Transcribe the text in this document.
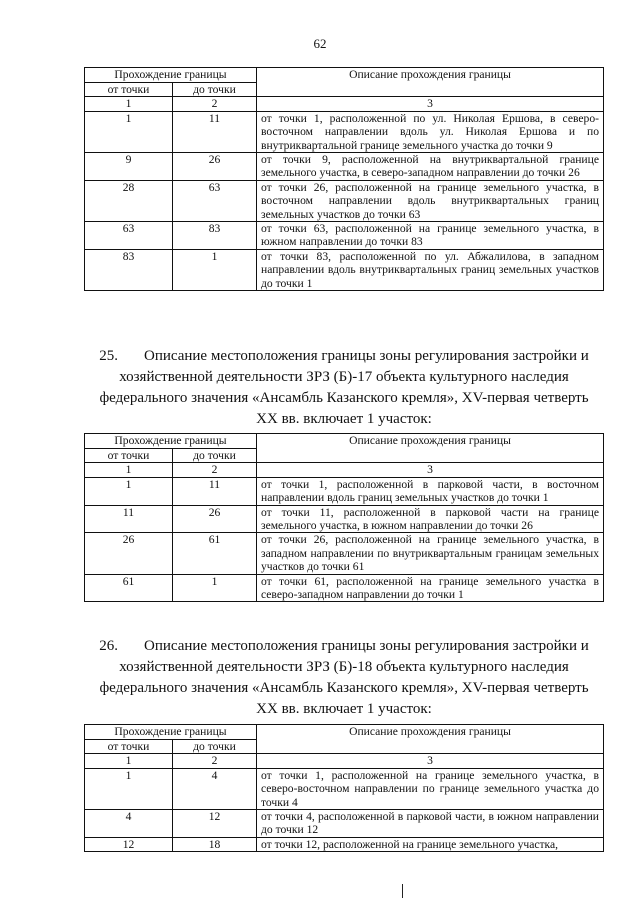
62
Прохождение границы		Описание прохождения границы
от точки	до точки	
1	2	3
1	11	от точки 1, расположенной по ул. Николая Ершова, в северо-восточном направлении вдоль ул. Николая Ершова и по внутриквартальной границе земельного участка до точки 9
9	26	от точки 9, расположенной на внутриквартальной границе земельного участка, в северо-западном направлении до точки 26
28	63	от точки 26, расположенной на границе земельного участка, в восточном направлении вдоль внутриквартальных границ земельных участков до точки 63
63	83	от точки 63, расположенной на границе земельного участка, в южном направлении до точки 83
83	1	от точки 83, расположенной по ул. Абжалилова, в западном направлении вдоль внутриквартальных границ земельных участков до точки 1
25. Описание местоположения границы зоны регулирования застройки и
хозяйственной деятельности ЗРЗ (Б)-17 объекта культурного наследия федерального значения «Ансамбль Казанского кремля», XV-первая четверть XX вв. включает 1 участок:
Прохождение границы		Описание прохождения границы
от точки	до точки	
1	2	3
1	11	от точки 1, расположенной в парковой части, в восточном направлении вдоль границ земельных участков до точки 1
11	26	от точки 11, расположенной в парковой части на границе земельного участка, в южном направлении до точки 26
26	61	от точки 26, расположенной на границе земельного участка, в западном направлении по внутриквартальным границам земельных участков до точки 61
61	1	от точки 61, расположенной на границе земельного участка в северо-западном направлении до точки 1
26. Описание местоположения границы зоны регулирования застройки и
хозяйственной деятельности ЗРЗ (Б)-18 объекта культурного наследия федерального значения «Ансамбль Казанского кремля», XV-первая четверть XX вв. включает 1 участок:
Прохождение границы		Описание прохождения границы
от точки	до точки	
1	2	3
1	4	от точки 1, расположенной на границе земельного участка, в северо-восточном направлении по границе земельного участка до точки 4
4	12	от точки 4, расположенной в парковой части, в южном направлении до точки 12
12	18	от точки 12, расположенной на границе земельного участка,
